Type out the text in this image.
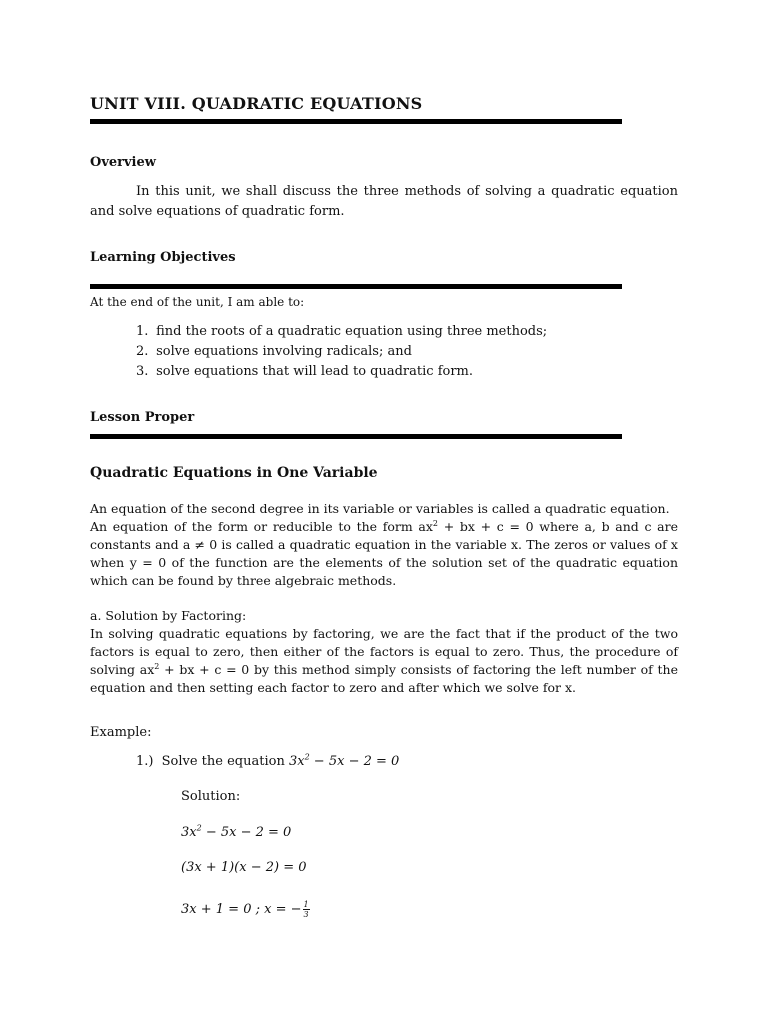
UNIT VIII. QUADRATIC EQUATIONS
Overview
In this unit, we shall discuss the three methods of solving a quadratic equation and solve equations of quadratic form.
Learning Objectives
At the end of the unit, I am able to:
1. find the roots of a quadratic equation using three methods;
2. solve equations involving radicals; and
3. solve equations that will lead to quadratic form.
Lesson Proper
Quadratic Equations in One Variable
An equation of the second degree in its variable or variables is called a quadratic equation.
An equation of the form or reducible to the form $ax^2$ + bx + c = 0 where a, b and c are constants and a ≠ 0 is called a quadratic equation in the variable x. The zeros or values of x when y = 0 of the function are the elements of the solution set of the quadratic equation which can be found by three algebraic methods.
a. Solution by Factoring:
In solving quadratic equations by factoring, we are the fact that if the product of the two factors is equal to zero, then either of the factors is equal to zero. Thus, the procedure of solving $ax^2$ + bx + c = 0 by this method simply consists of factoring the left number of the equation and then setting each factor to zero and after which we solve for x.
Example:
1.) Solve the equation $3x^2 - 5x - 2 = 0$
Solution:
$3x^2 - 5x - 2 = 0$
(3x + 1)(x − 2) = 0
3x + 1 = 0 ; x = − $\frac{1}{3}$
